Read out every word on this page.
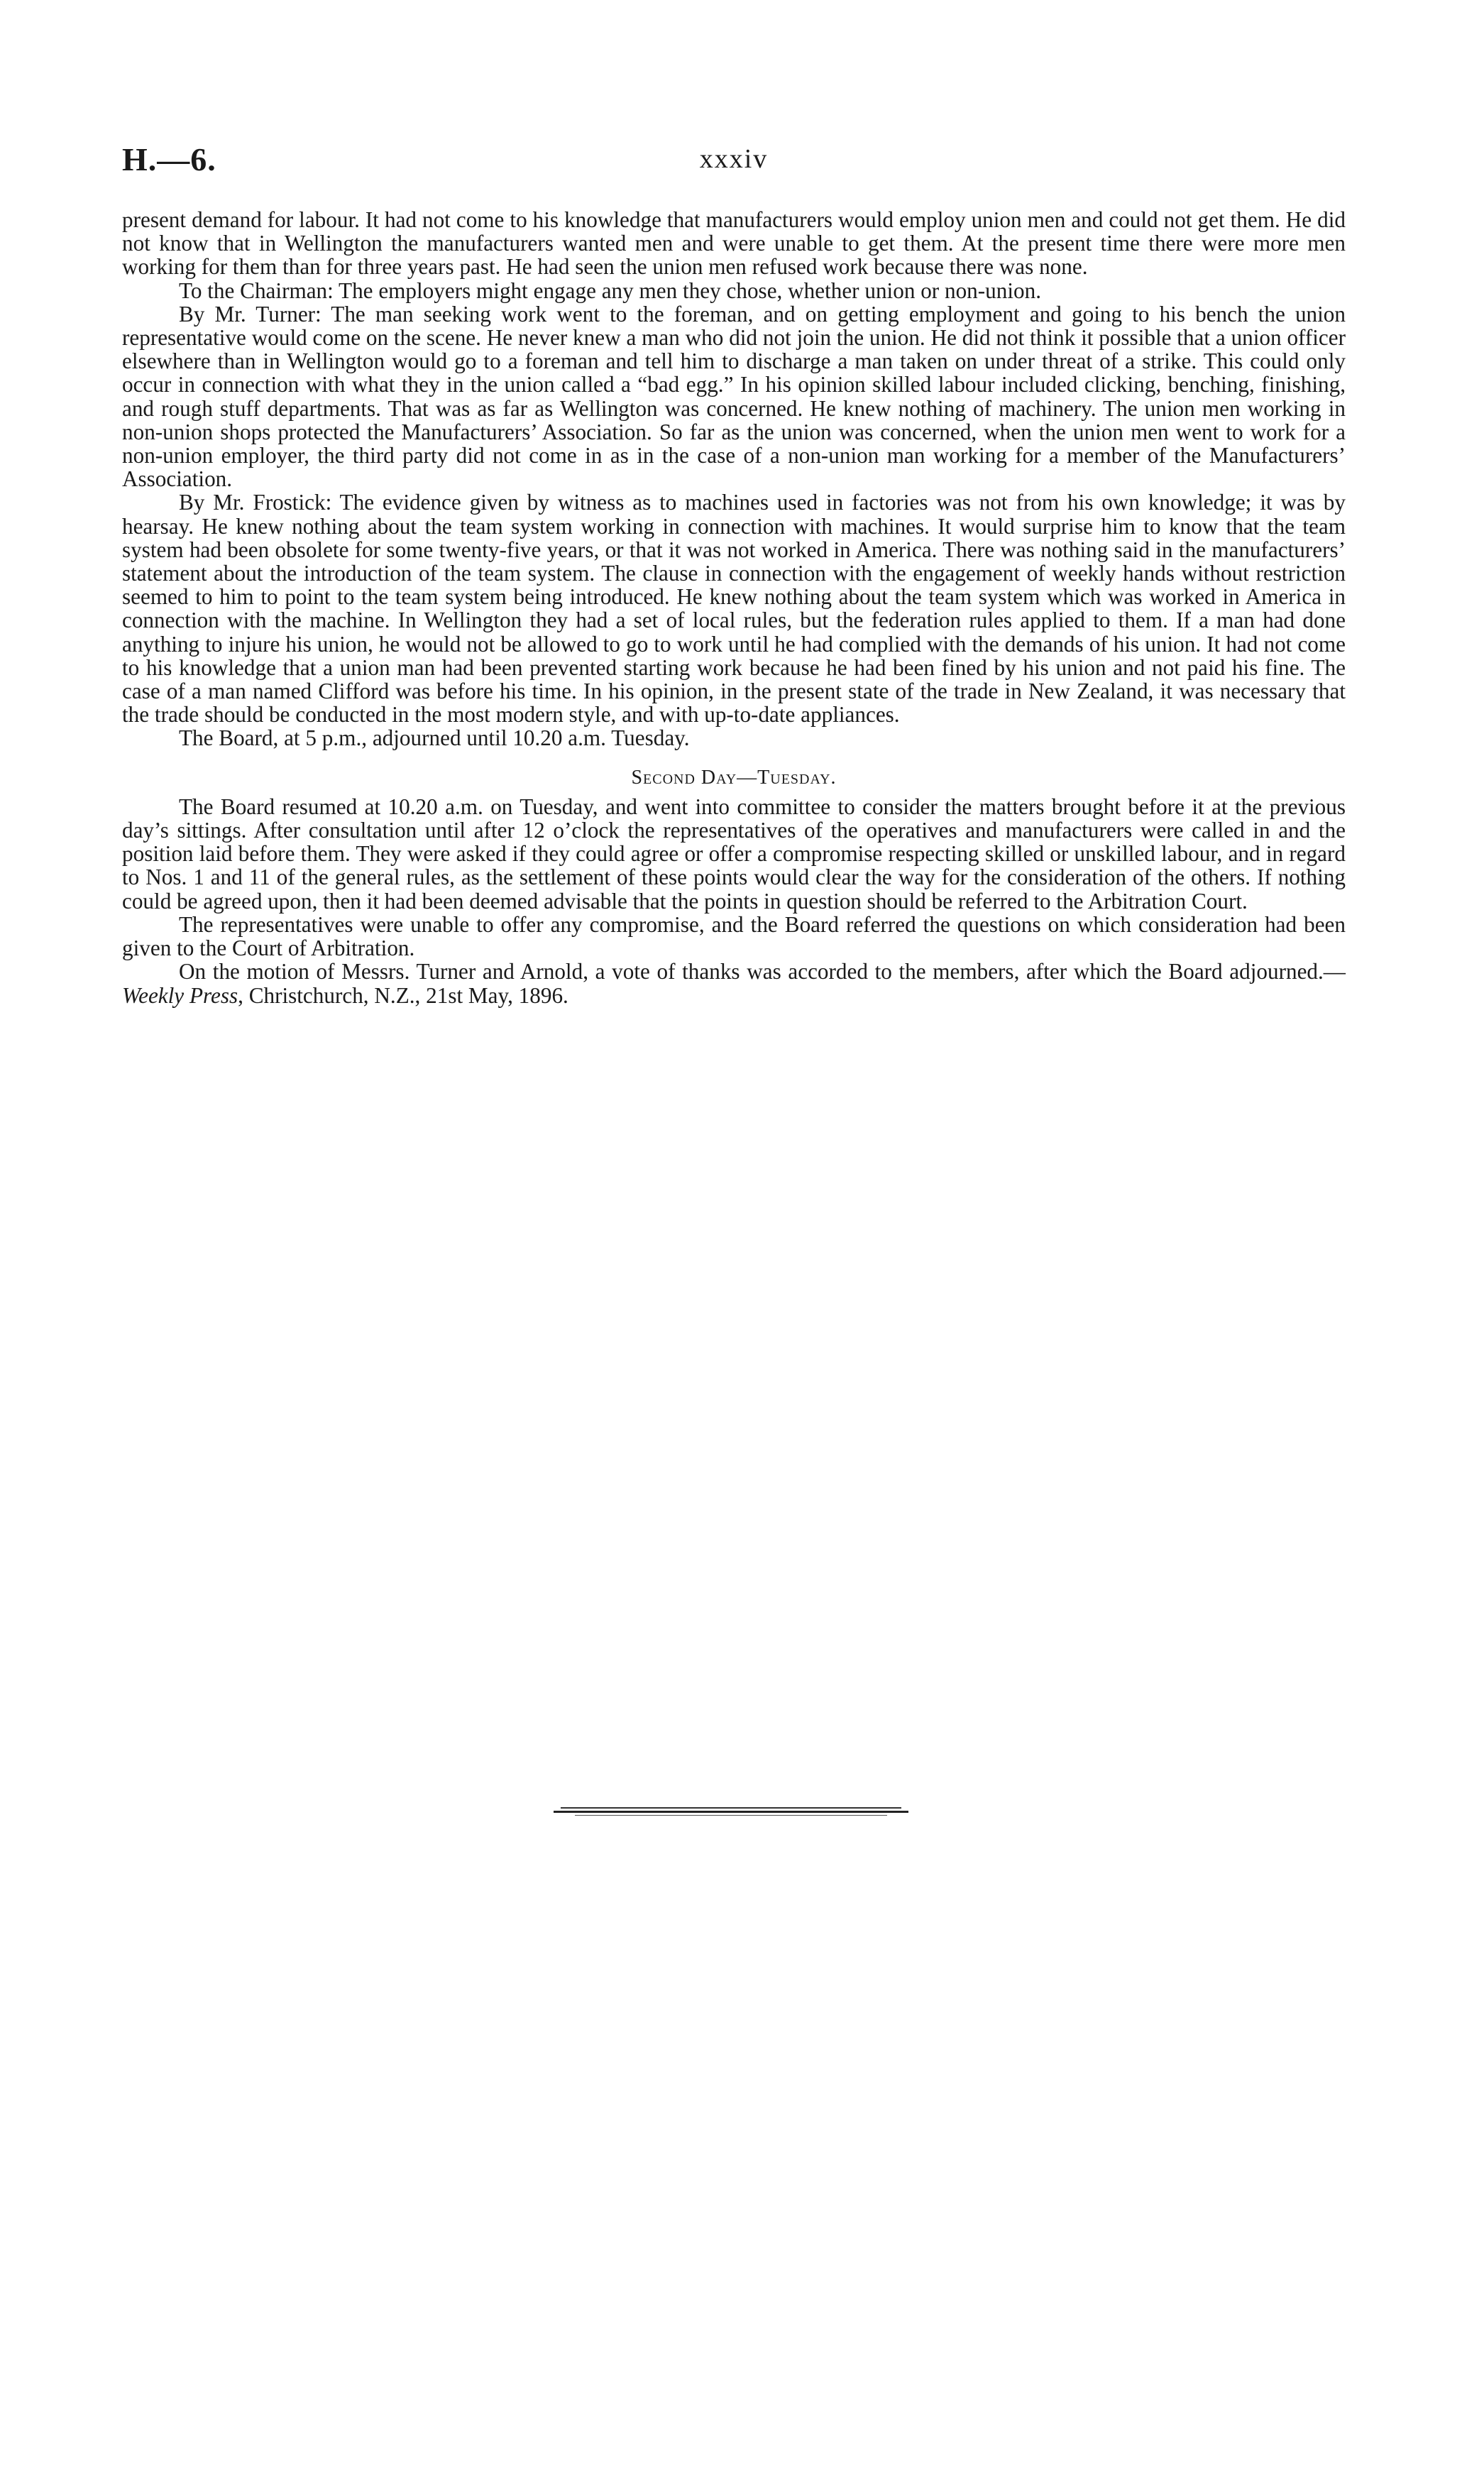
H.—6.	xxxiv

present demand for labour. It had not come to his knowledge that manufacturers would employ union men and could not get them. He did not know that in Wellington the manufacturers wanted men and were unable to get them. At the present time there were more men working for them than for three years past. He had seen the union men refused work because there was none.

To the Chairman: The employers might engage any men they chose, whether union or non-union.

By Mr. Turner: The man seeking work went to the foreman, and on getting employment and going to his bench the union representative would come on the scene. He never knew a man who did not join the union. He did not think it possible that a union officer elsewhere than in Wellington would go to a foreman and tell him to discharge a man taken on under threat of a strike. This could only occur in connection with what they in the union called a “bad egg.” In his opinion skilled labour included clicking, benching, finishing, and rough stuff departments. That was as far as Wellington was concerned. He knew nothing of machinery. The union men working in non-union shops protected the Manufacturers’ Association. So far as the union was concerned, when the union men went to work for a non-union employer, the third party did not come in as in the case of a non-union man working for a member of the Manufacturers’ Association.

By Mr. Frostick: The evidence given by witness as to machines used in factories was not from his own knowledge; it was by hearsay. He knew nothing about the team system working in connection with machines. It would surprise him to know that the team system had been obsolete for some twenty-five years, or that it was not worked in America. There was nothing said in the manufacturers’ statement about the introduction of the team system. The clause in connection with the engagement of weekly hands without restriction seemed to him to point to the team system being introduced. He knew nothing about the team system which was worked in America in connection with the machine. In Wellington they had a set of local rules, but the federation rules applied to them. If a man had done anything to injure his union, he would not be allowed to go to work until he had complied with the demands of his union. It had not come to his knowledge that a union man had been prevented starting work because he had been fined by his union and not paid his fine. The case of a man named Clifford was before his time. In his opinion, in the present state of the trade in New Zealand, it was necessary that the trade should be conducted in the most modern style, and with up-to-date appliances.

The Board, at 5 p.m., adjourned until 10.20 a.m. Tuesday.

Second Day—Tuesday.

The Board resumed at 10.20 a.m. on Tuesday, and went into committee to consider the matters brought before it at the previous day’s sittings. After consultation until after 12 o’clock the representatives of the operatives and manufacturers were called in and the position laid before them. They were asked if they could agree or offer a compromise respecting skilled or unskilled labour, and in regard to Nos. 1 and 11 of the general rules, as the settlement of these points would clear the way for the consideration of the others. If nothing could be agreed upon, then it had been deemed advisable that the points in question should be referred to the Arbitration Court.

The representatives were unable to offer any compromise, and the Board referred the questions on which consideration had been given to the Court of Arbitration.

On the motion of Messrs. Turner and Arnold, a vote of thanks was accorded to the members, after which the Board adjourned.—Weekly Press, Christchurch, N.Z., 21st May, 1896.
